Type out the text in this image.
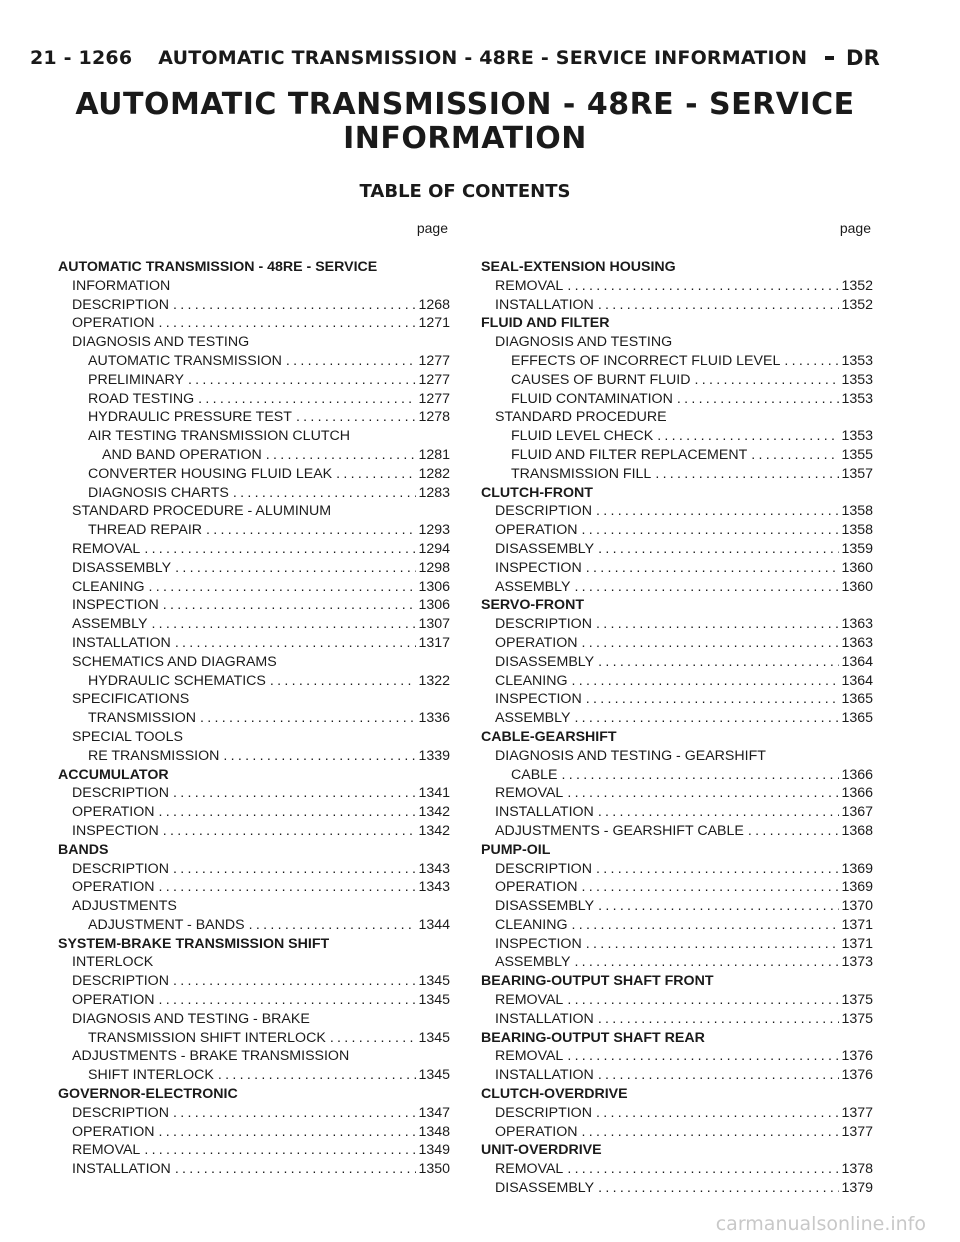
21 - 1266 AUTOMATIC TRANSMISSION - 48RE - SERVICE INFORMATION DR
AUTOMATIC TRANSMISSION - 48RE - SERVICE
INFORMATION
TABLE OF CONTENTS
page
AUTOMATIC TRANSMISSION - 48RE - SERVICE
INFORMATION
DESCRIPTION .....	1268
OPERATION .....	1271
DIAGNOSIS AND TESTING
AUTOMATIC TRANSMISSION .....	1277
PRELIMINARY .....	1277
ROAD TESTING .....	1277
HYDRAULIC PRESSURE TEST .....	1278
AIR TESTING TRANSMISSION CLUTCH
AND BAND OPERATION .....	1281
CONVERTER HOUSING FLUID LEAK .....	1282
DIAGNOSIS CHARTS .....	1283
STANDARD PROCEDURE - ALUMINUM
THREAD REPAIR .....	1293
REMOVAL .....	1294
DISASSEMBLY .....	1298
CLEANING .....	1306
INSPECTION .....	1306
ASSEMBLY .....	1307
INSTALLATION .....	1317
SCHEMATICS AND DIAGRAMS
HYDRAULIC SCHEMATICS .....	1322
SPECIFICATIONS
TRANSMISSION .....	1336
SPECIAL TOOLS
RE TRANSMISSION .....	1339
ACCUMULATOR
DESCRIPTION .....	1341
OPERATION .....	1342
INSPECTION .....	1342
BANDS
DESCRIPTION .....	1343
OPERATION .....	1343
ADJUSTMENTS
ADJUSTMENT - BANDS .....	1344
SYSTEM-BRAKE TRANSMISSION SHIFT
INTERLOCK
DESCRIPTION .....	1345
OPERATION .....	1345
DIAGNOSIS AND TESTING - BRAKE
TRANSMISSION SHIFT INTERLOCK .....	1345
ADJUSTMENTS - BRAKE TRANSMISSION
SHIFT INTERLOCK .....	1345
GOVERNOR-ELECTRONIC
DESCRIPTION .....	1347
OPERATION .....	1348
REMOVAL .....	1349
INSTALLATION .....	1350
page
SEAL-EXTENSION HOUSING
REMOVAL .....	1352
INSTALLATION .....	1352
FLUID AND FILTER
DIAGNOSIS AND TESTING
EFFECTS OF INCORRECT FLUID LEVEL .....	1353
CAUSES OF BURNT FLUID .....	1353
FLUID CONTAMINATION .....	1353
STANDARD PROCEDURE
FLUID LEVEL CHECK .....	1353
FLUID AND FILTER REPLACEMENT .....	1355
TRANSMISSION FILL .....	1357
CLUTCH-FRONT
DESCRIPTION .....	1358
OPERATION .....	1358
DISASSEMBLY .....	1359
INSPECTION .....	1360
ASSEMBLY .....	1360
SERVO-FRONT
DESCRIPTION .....	1363
OPERATION .....	1363
DISASSEMBLY .....	1364
CLEANING .....	1364
INSPECTION .....	1365
ASSEMBLY .....	1365
CABLE-GEARSHIFT
DIAGNOSIS AND TESTING - GEARSHIFT
CABLE .....	1366
REMOVAL .....	1366
INSTALLATION .....	1367
ADJUSTMENTS - GEARSHIFT CABLE .....	1368
PUMP-OIL
DESCRIPTION .....	1369
OPERATION .....	1369
DISASSEMBLY .....	1370
CLEANING .....	1371
INSPECTION .....	1371
ASSEMBLY .....	1373
BEARING-OUTPUT SHAFT FRONT
REMOVAL .....	1375
INSTALLATION .....	1375
BEARING-OUTPUT SHAFT REAR
REMOVAL .....	1376
INSTALLATION .....	1376
CLUTCH-OVERDRIVE
DESCRIPTION .....	1377
OPERATION .....	1377
UNIT-OVERDRIVE
REMOVAL .....	1378
DISASSEMBLY .....	1379
carmanualsonline.info
